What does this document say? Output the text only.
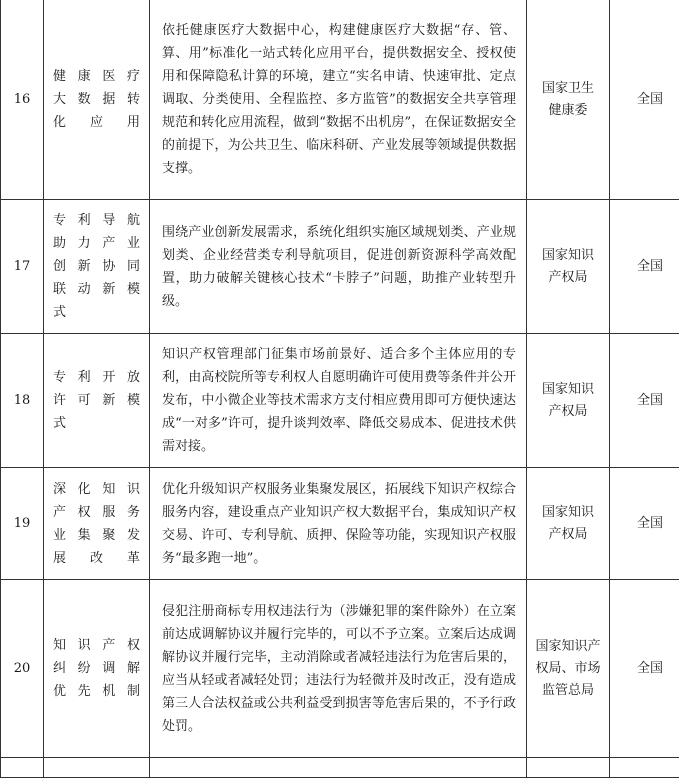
16	健康医疗
大数据转
化应用	依托健康医疗大数据中心，构建健康医疗大数据“存、管、算、用”标准化一站式转化应用平台，提供数据安全、授权使用和保障隐私计算的环境，建立“实名申请、快速审批、定点调取、分类使用、全程监控、多方监管”的数据安全共享管理规范和转化应用流程，做到“数据不出机房”，在保证数据安全的前提下，为公共卫生、临床科研、产业发展等领域提供数据支撑。	国家卫生
健康委	全国

17	专利导航
助力产业
创新协同
联动新模
式	围绕产业创新发展需求，系统化组织实施区域规划类、产业规划类、企业经营类专利导航项目，促进创新资源科学高效配置，助力破解关键核心技术“卡脖子”问题，助推产业转型升级。	国家知识
产权局	全国

18	专利开放
许可新模
式	知识产权管理部门征集市场前景好、适合多个主体应用的专利，由高校院所等专利权人自愿明确许可使用费等条件并公开发布，中小微企业等技术需求方支付相应费用即可方便快速达成“一对多”许可，提升谈判效率、降低交易成本、促进技术供需对接。	国家知识
产权局	全国

19	深化知识
产权服务
业集聚发
展改革	优化升级知识产权服务业集聚发展区，拓展线下知识产权综合服务内容，建设重点产业知识产权大数据平台，集成知识产权交易、许可、专利导航、质押、保险等功能，实现知识产权服务“最多跑一地”。	国家知识
产权局	全国

20	知识产权
纠纷调解
优先机制	侵犯注册商标专用权违法行为（涉嫌犯罪的案件除外）在立案前达成调解协议并履行完毕的，可以不予立案。立案后达成调解协议并履行完毕，主动消除或者减轻违法行为危害后果的，应当从轻或者减轻处罚；违法行为轻微并及时改正，没有造成第三人合法权益或公共利益受到损害等危害后果的，不予行政处罚。	国家知识产
权局、市场
监管总局	全国
